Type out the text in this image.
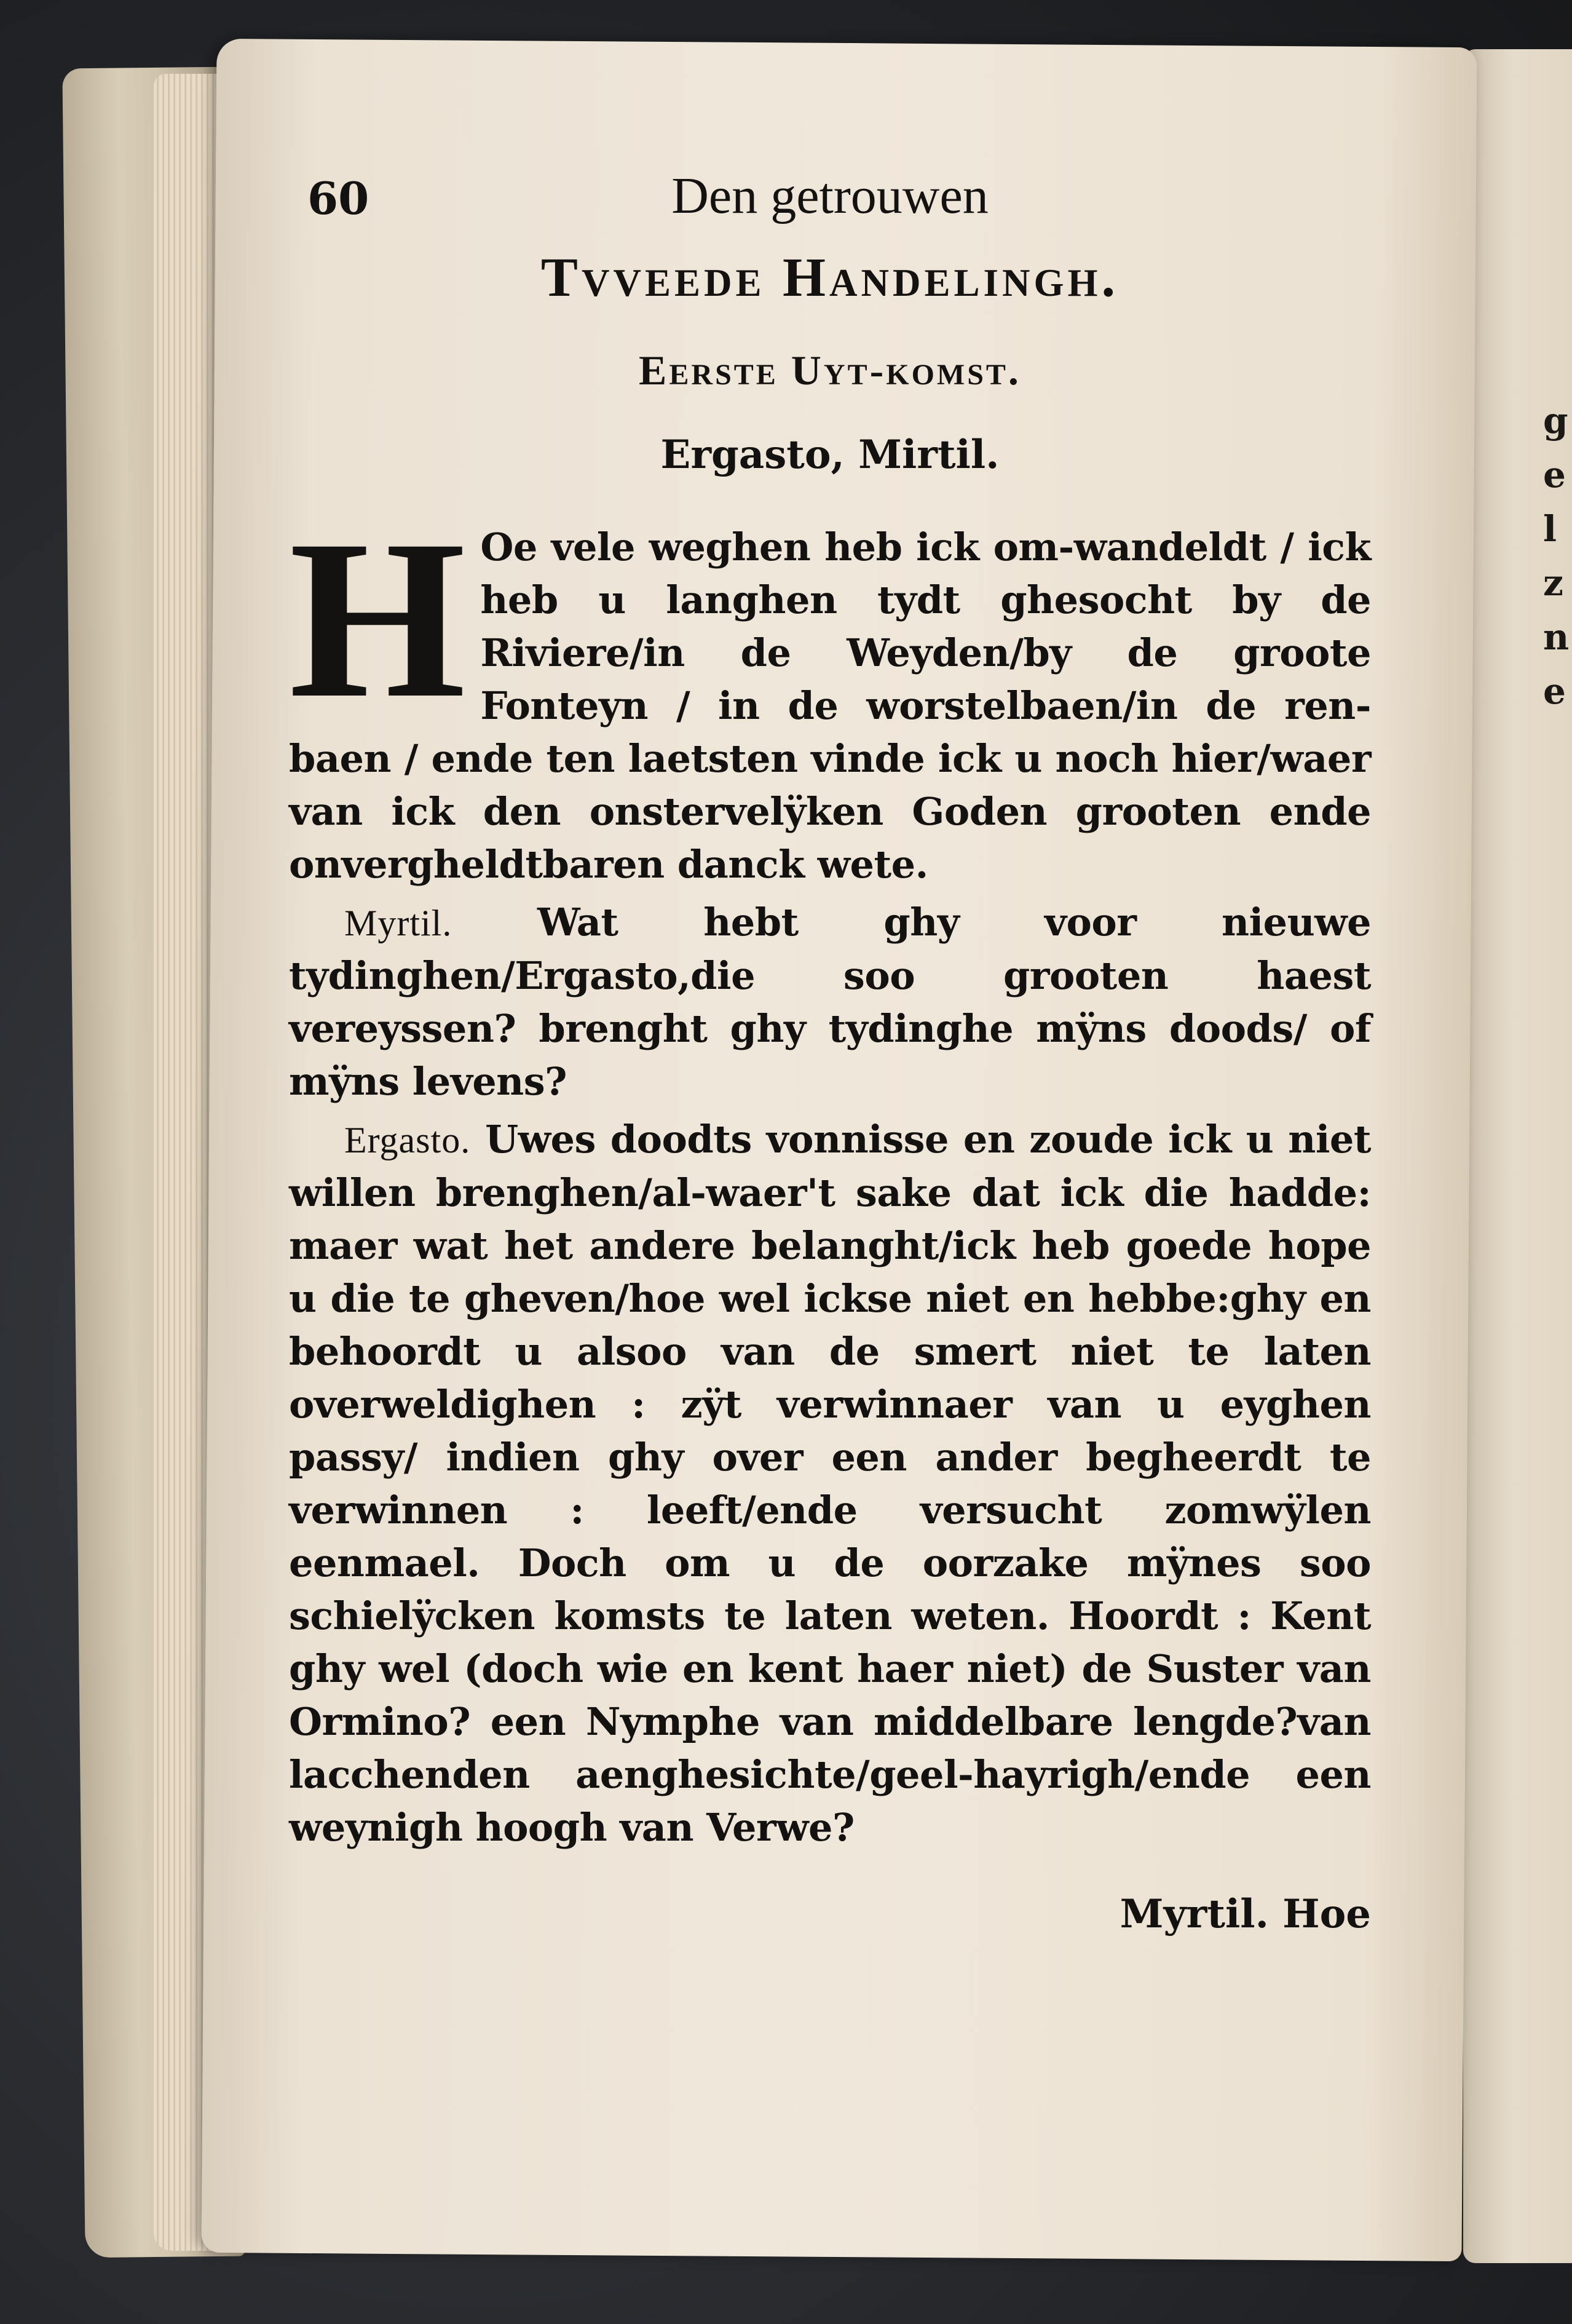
g e l z n e
60	Den getrouwen
Tvveede Handelingh.
Eerste Uyt-komst.
Ergasto, Mirtil.

H Oe vele weghen heb ick om-wandeldt / ick heb u langhen tydt ghesocht by de Riviere/in de Weyden/by de groote Fonteyn / in de worstelbaen/in de ren-baen / ende ten laetsten vinde ick u noch hier/waer van ick den onstervelÿken Goden grooten ende onvergheldtbaren danck wete.

Myrtil. Wat hebt ghy voor nieuwe tydinghen/Ergasto,die soo grooten haest vereyssen? brenght ghy tydinghe mÿns doods/ of mÿns levens?

Ergasto. Uwes doodts vonnisse en zoude ick u niet willen brenghen/al-waer't sake dat ick die hadde: maer wat het andere belanght/ick heb goede hope u die te gheven/hoe wel ickse niet en hebbe:ghy en behoordt u alsoo van de smert niet te laten overweldighen : zÿt verwinnaer van u eyghen passy/ indien ghy over een ander begheerdt te verwinnen : leeft/ende versucht zomwÿlen eenmael. Doch om u de oorzake mÿnes soo schielÿcken komsts te laten weten. Hoordt : Kent ghy wel (doch wie en kent haer niet) de Suster van Ormino? een Nymphe van middelbare lengde?van lacchenden aenghesichte/geel-hayrigh/ende een weynigh hoogh van Verwe?

Myrtil. Hoe
